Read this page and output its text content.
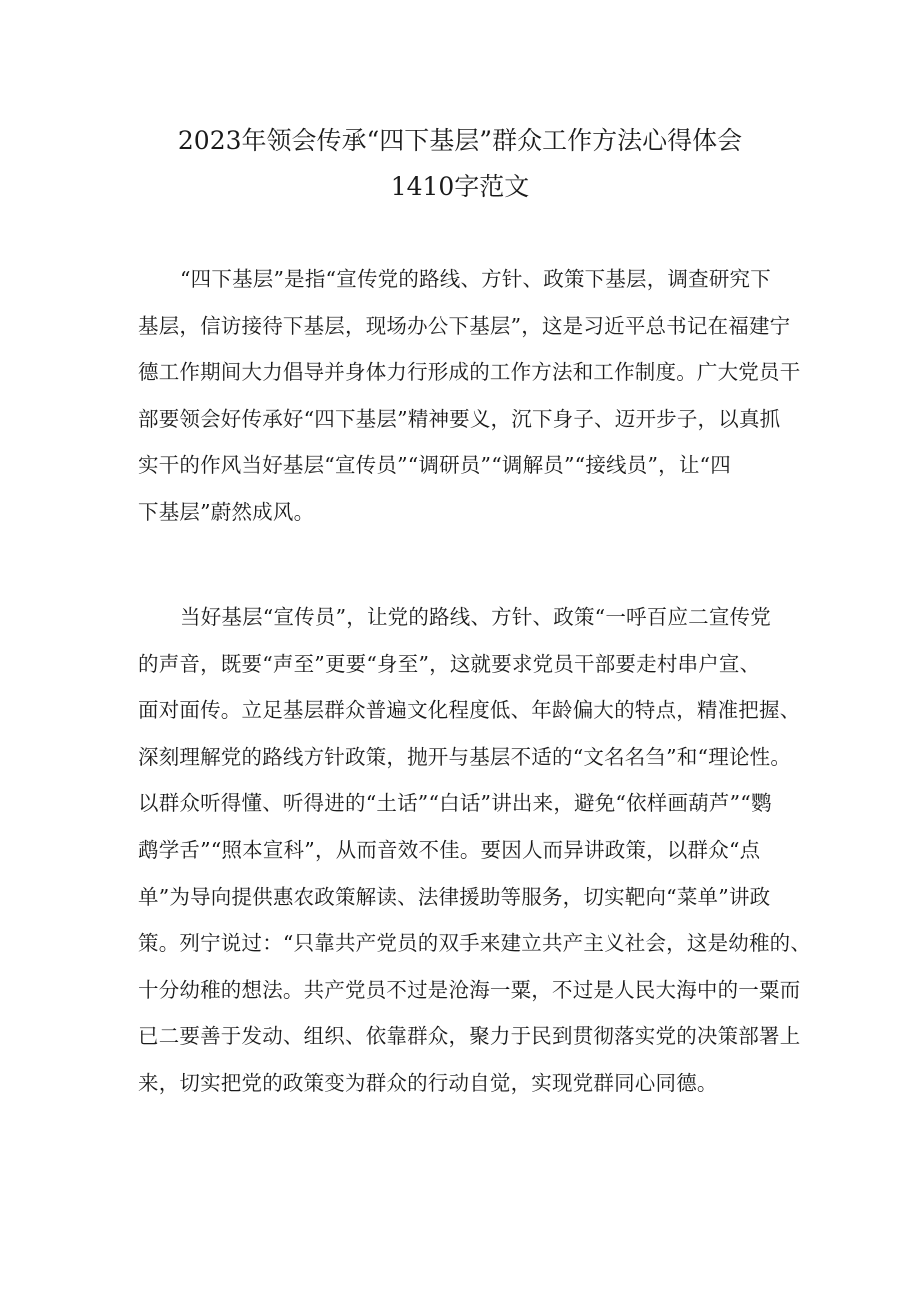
2023年领会传承“四下基层”群众工作方法心得体会
1410字范文

“四下基层”是指“宣传党的路线、方针、政策下基层，调查研究下
基层，信访接待下基层，现场办公下基层”，这是习近平总书记在福建宁
德工作期间大力倡导并身体力行形成的工作方法和工作制度。广大党员干
部要领会好传承好“四下基层”精神要义，沉下身子、迈开步子，以真抓
实干的作风当好基层“宣传员”“调研员”“调解员”“接线员”，让“四
下基层”蔚然成风。

当好基层“宣传员”，让党的路线、方针、政策“一呼百应二宣传党
的声音，既要“声至”更要“身至”，这就要求党员干部要走村串户宣、
面对面传。立足基层群众普遍文化程度低、年龄偏大的特点，精准把握、
深刻理解党的路线方针政策，抛开与基层不适的“文名名刍”和“理论性。
以群众听得懂、听得进的“土话”“白话”讲出来，避免“依样画葫芦”“鹦
鹉学舌”“照本宣科”，从而音效不佳。要因人而异讲政策，以群众“点
单”为导向提供惠农政策解读、法律援助等服务，切实靶向“菜单”讲政
策。列宁说过：“只靠共产党员的双手来建立共产主义社会，这是幼稚的、
十分幼稚的想法。共产党员不过是沧海一粟，不过是人民大海中的一粟而
已二要善于发动、组织、依靠群众，聚力于民到贯彻落实党的决策部署上
来，切实把党的政策变为群众的行动自觉，实现党群同心同德。
